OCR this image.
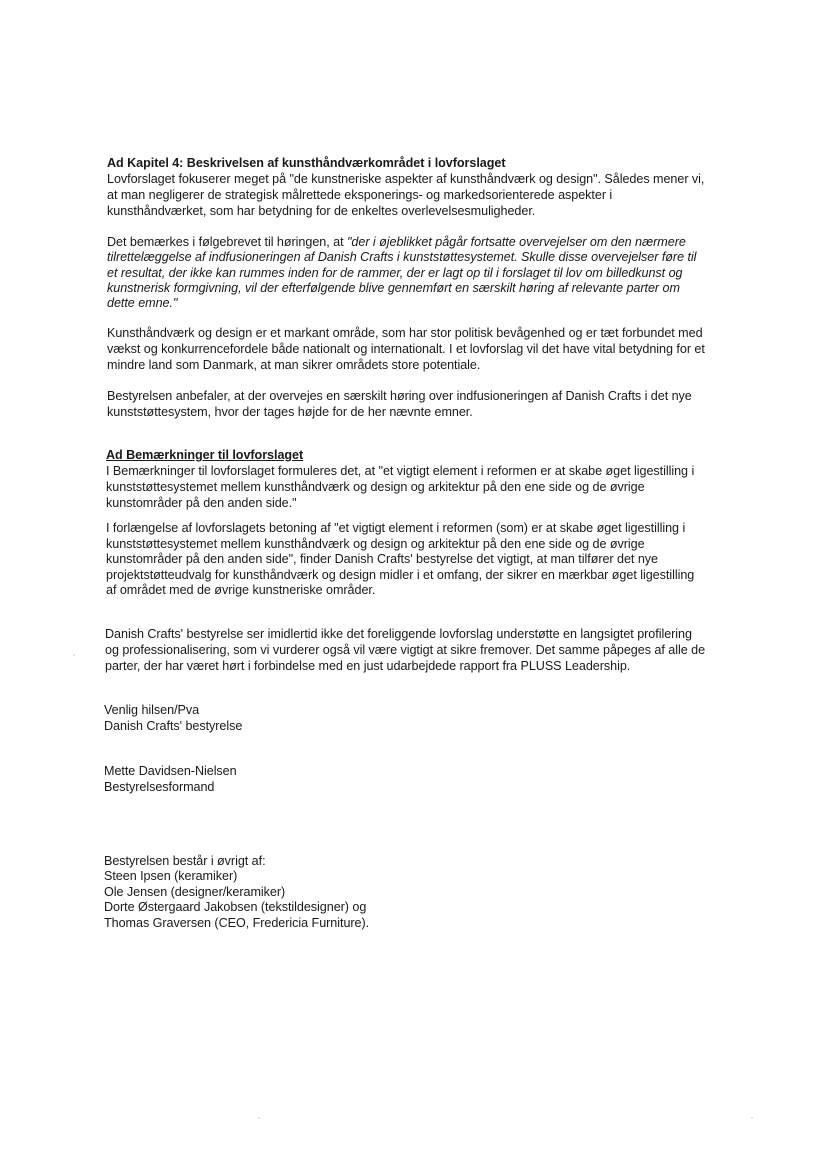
Ad Kapitel 4: Beskrivelsen af kunsthåndværkområdet i lovforslaget
Lovforslaget fokuserer meget på "de kunstneriske aspekter af kunsthåndværk og design". Således mener vi,
at man negligerer de strategisk målrettede eksponerings- og markedsorienterede aspekter i
kunsthåndværket, som har betydning for de enkeltes overlevelsesmuligheder.
Det bemærkes i følgebrevet til høringen, at "der i øjeblikket pågår fortsatte overvejelser om den nærmere
tilrettelæggelse af indfusioneringen af Danish Crafts i kunststøttesystemet. Skulle disse overvejelser føre til
et resultat, der ikke kan rummes inden for de rammer, der er lagt op til i forslaget til lov om billedkunst og
kunstnerisk formgivning, vil der efterfølgende blive gennemført en særskilt høring af relevante parter om
dette emne."
Kunsthåndværk og design er et markant område, som har stor politisk bevågenhed og er tæt forbundet med
vækst og konkurrencefordele både nationalt og internationalt. I et lovforslag vil det have vital betydning for et
mindre land som Danmark, at man sikrer områdets store potentiale.
Bestyrelsen anbefaler, at der overvejes en særskilt høring over indfusioneringen af Danish Crafts i det nye
kunststøttesystem, hvor der tages højde for de her nævnte emner.
Ad Bemærkninger til lovforslaget
I Bemærkninger til lovforslaget formuleres det, at "et vigtigt element i reformen er at skabe øget ligestilling i
kunststøttesystemet mellem kunsthåndværk og design og arkitektur på den ene side og de øvrige
kunstområder på den anden side."
I forlængelse af lovforslagets betoning af "et vigtigt element i reformen (som) er at skabe øget ligestilling i
kunststøttesystemet mellem kunsthåndværk og design og arkitektur på den ene side og de øvrige
kunstområder på den anden side", finder Danish Crafts' bestyrelse det vigtigt, at man tilfører det nye
projektstøtteudvalg for kunsthåndværk og design midler i et omfang, der sikrer en mærkbar øget ligestilling
af området med de øvrige kunstneriske områder.
Danish Crafts' bestyrelse ser imidlertid ikke det foreliggende lovforslag understøtte en langsigtet profilering
og professionalisering, som vi vurderer også vil være vigtigt at sikre fremover. Det samme påpeges af alle de
parter, der har været hørt i forbindelse med en just udarbejdede rapport fra PLUSS Leadership.
Venlig hilsen/Pva
Danish Crafts' bestyrelse
Mette Davidsen-Nielsen
Bestyrelsesformand
Bestyrelsen består i øvrigt af:
Steen Ipsen (keramiker)
Ole Jensen (designer/keramiker)
Dorte Østergaard Jakobsen (tekstildesigner) og
Thomas Graversen (CEO, Fredericia Furniture).
